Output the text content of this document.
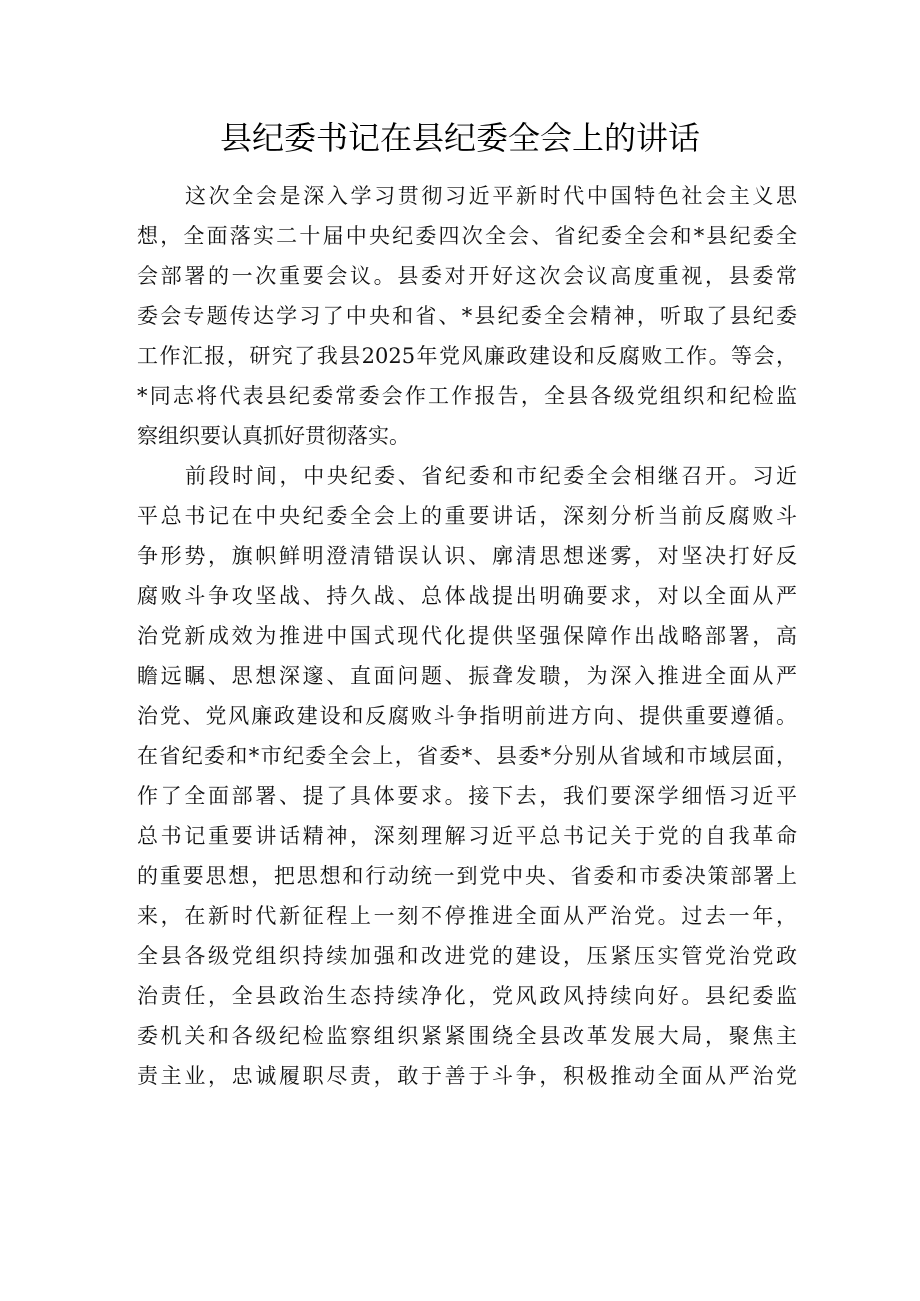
县纪委书记在县纪委全会上的讲话
这次全会是深入学习贯彻习近平新时代中国特色社会主义思
想，全面落实二十届中央纪委四次全会、省纪委全会和*县纪委全
会部署的一次重要会议。县委对开好这次会议高度重视，县委常
委会专题传达学习了中央和省、*县纪委全会精神，听取了县纪委
工作汇报，研究了我县2025年党风廉政建设和反腐败工作。等会，
*同志将代表县纪委常委会作工作报告，全县各级党组织和纪检监
察组织要认真抓好贯彻落实。
前段时间，中央纪委、省纪委和市纪委全会相继召开。习近
平总书记在中央纪委全会上的重要讲话，深刻分析当前反腐败斗
争形势，旗帜鲜明澄清错误认识、廓清思想迷雾，对坚决打好反
腐败斗争攻坚战、持久战、总体战提出明确要求，对以全面从严
治党新成效为推进中国式现代化提供坚强保障作出战略部署，高
瞻远瞩、思想深邃、直面问题、振聋发聩，为深入推进全面从严
治党、党风廉政建设和反腐败斗争指明前进方向、提供重要遵循。
在省纪委和*市纪委全会上，省委*、县委*分别从省域和市域层面，
作了全面部署、提了具体要求。接下去，我们要深学细悟习近平
总书记重要讲话精神，深刻理解习近平总书记关于党的自我革命
的重要思想，把思想和行动统一到党中央、省委和市委决策部署上
来，在新时代新征程上一刻不停推进全面从严治党。过去一年，
全县各级党组织持续加强和改进党的建设，压紧压实管党治党政
治责任，全县政治生态持续净化，党风政风持续向好。县纪委监
委机关和各级纪检监察组织紧紧围绕全县改革发展大局，聚焦主
责主业，忠诚履职尽责，敢于善于斗争，积极推动全面从严治党
